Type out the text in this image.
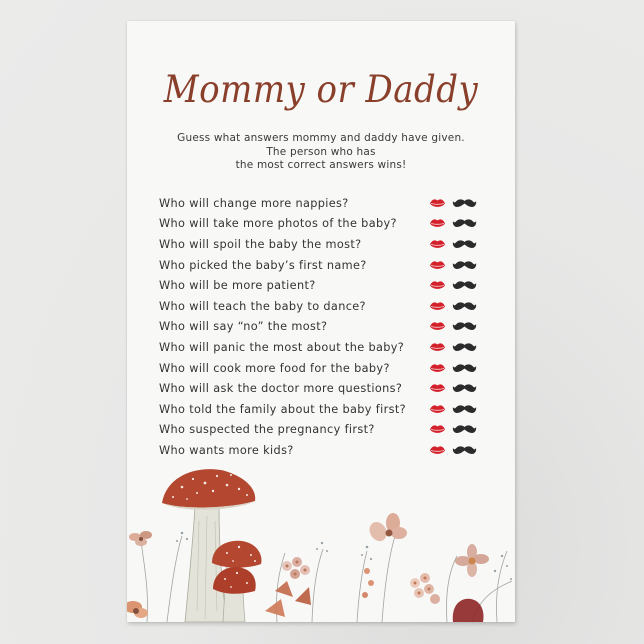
Mommy or Daddy
Guess what answers mommy and daddy have given.
The person who has
the most correct answers wins!
Who will change more nappies?
Who will take more photos of the baby?
Who will spoil the baby the most?
Who picked the baby’s first name?
Who will be more patient?
Who will teach the baby to dance?
Who will say “no” the most?
Who will panic the most about the baby?
Who will cook more food for the baby?
Who will ask the doctor more questions?
Who told the family about the baby first?
Who suspected the pregnancy first?
Who wants more kids?
